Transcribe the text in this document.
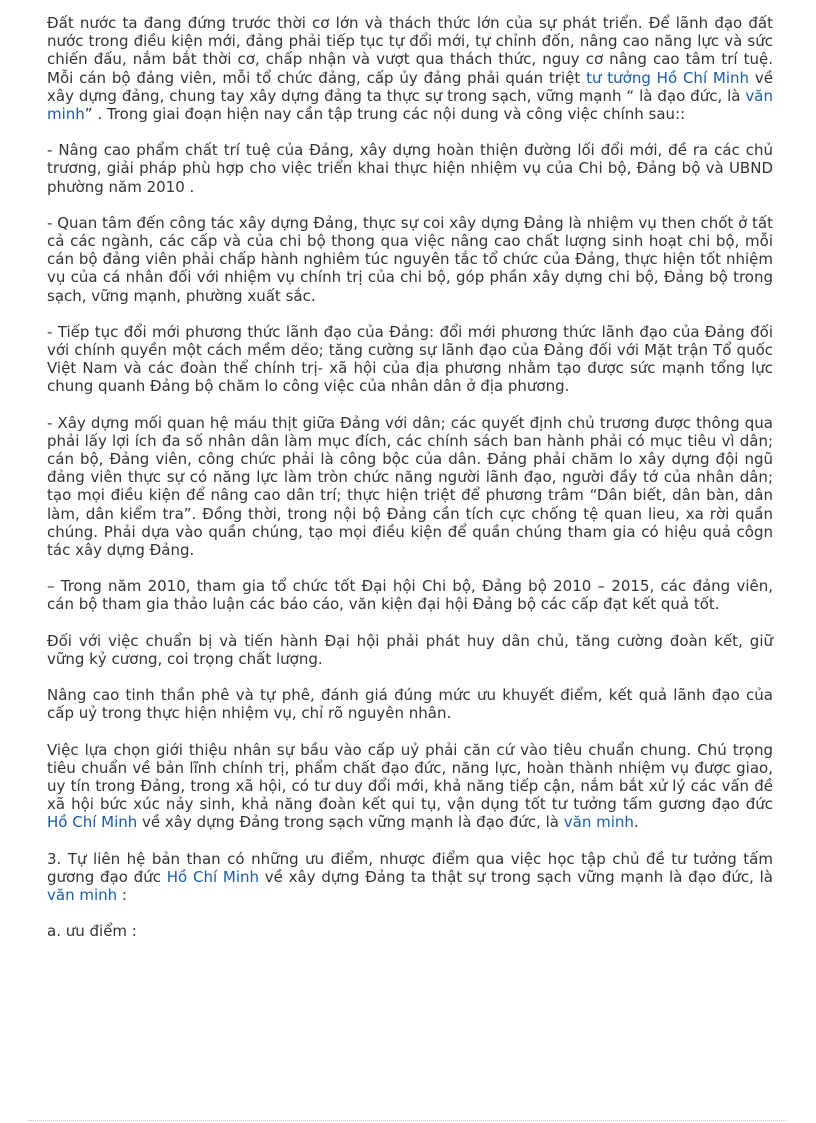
Đất nước ta đang đứng trước thời cơ lớn và thách thức lớn của sự phát triển. Để lãnh đạo đất nước trong điều kiện mới, đảng phải tiếp tục tự đổi mới, tự chỉnh đốn, nâng cao năng lực và sức chiến đấu, nắm bắt thời cơ, chấp nhận và vượt qua thách thức, nguy cơ nâng cao tâm trí tuệ. Mỗi cán bộ đảng viên, mỗi tổ chức đảng, cấp ủy đảng phải quán triệt tư tưởng Hồ Chí Minh về xây dựng đảng, chung tay xây dựng đảng ta thực sự trong sạch, vững mạnh “ là đạo đức, là văn minh” . Trong giai đoạn hiện nay cần tập trung các nội dung và công việc chính sau::

- Nâng cao phẩm chất trí tuệ của Đảng, xây dựng hoàn thiện đường lối đổi mới, đề ra các chủ trương, giải pháp phù hợp cho việc triển khai thực hiện nhiệm vụ của Chi bộ, Đảng bộ và UBND phường năm 2010 .

- Quan tâm đến công tác xây dựng Đảng, thực sự coi xây dựng Đảng là nhiệm vụ then chốt ở tất cả các ngành, các cấp và của chi bộ thong qua việc nâng cao chất lượng sinh hoạt chi bộ, mỗi cán bộ đảng viên phải chấp hành nghiêm túc nguyên tắc tổ chức của Đảng, thực hiện tốt nhiệm vụ của cá nhân đối với nhiệm vụ chính trị của chi bộ, góp phần xây dựng chi bộ, Đảng bộ trong sạch, vững mạnh, phường xuất sắc.

- Tiếp tục đổi mới phương thức lãnh đạo của Đảng: đổi mới phương thức lãnh đạo của Đảng đối với chính quyền một cách mềm dẻo; tăng cường sự lãnh đạo của Đảng đối với Mặt trận Tổ quốc Việt Nam và các đoàn thể chính trị- xã hội của địa phương nhằm tạo được sức mạnh tổng lực chung quanh Đảng bộ chăm lo công việc của nhân dân ở địa phương.

- Xây dựng mối quan hệ máu thịt giữa Đảng với dân; các quyết định chủ trương được thông qua phải lấy lợi ích đa số nhân dân làm mục đích, các chính sách ban hành phải có mục tiêu vì dân; cán bộ, Đảng viên, công chức phải là công bộc của dân. Đảng phải chăm lo xây dựng đội ngũ đảng viên thực sự có năng lực làm tròn chức năng người lãnh đạo, người đầy tớ của nhân dân; tạo mọi điều kiện để nâng cao dân trí; thực hiện triệt để phương trâm “Dân biết, dân bàn, dân làm, dân kiểm tra”. Đồng thời, trong nội bộ Đảng cần tích cực chống tệ quan lieu, xa rời quần chúng. Phải dựa vào quần chúng, tạo mọi điều kiện để quần chúng tham gia có hiệu quả côgn tác xây dựng Đảng.

– Trong năm 2010, tham gia tổ chức tốt Đại hội Chi bộ, Đảng bộ 2010 – 2015, các đảng viên, cán bộ tham gia thảo luận các báo cáo, văn kiện đại hội Đảng bộ các cấp đạt kết quả tốt.

Đối với việc chuẩn bị và tiến hành Đại hội phải phát huy dân chủ, tăng cường đoàn kết, giữ vững kỷ cương, coi trọng chất lượng.

Nâng cao tinh thần phê và tự phê, đánh giá đúng mức ưu khuyết điểm, kết quả lãnh đạo của cấp uỷ trong thực hiện nhiệm vụ, chỉ rõ nguyên nhân.

Việc lựa chọn giới thiệu nhân sự bầu vào cấp uỷ phải căn cứ vào tiêu chuẩn chung. Chú trọng tiêu chuẩn về bản lĩnh chính trị, phẩm chất đạo đức, năng lực, hoàn thành nhiệm vụ được giao, uy tín trong Đảng, trong xã hội, có tư duy đổi mới, khả năng tiếp cận, nắm bắt xử lý các vấn đề xã hội bức xúc nảy sinh, khả năng đoàn kết qui tụ, vận dụng tốt tư tưởng tấm gương đạo đức Hồ Chí Minh về xây dựng Đảng trong sạch vững mạnh là đạo đức, là văn minh.

3. Tự liên hệ bản than có những ưu điểm, nhược điểm qua việc học tập chủ đề tư tưởng tấm gương đạo đức Hồ Chí Minh về xây dựng Đảng ta thật sự trong sạch vững mạnh là đạo đức, là văn minh :

a. ưu điểm :
